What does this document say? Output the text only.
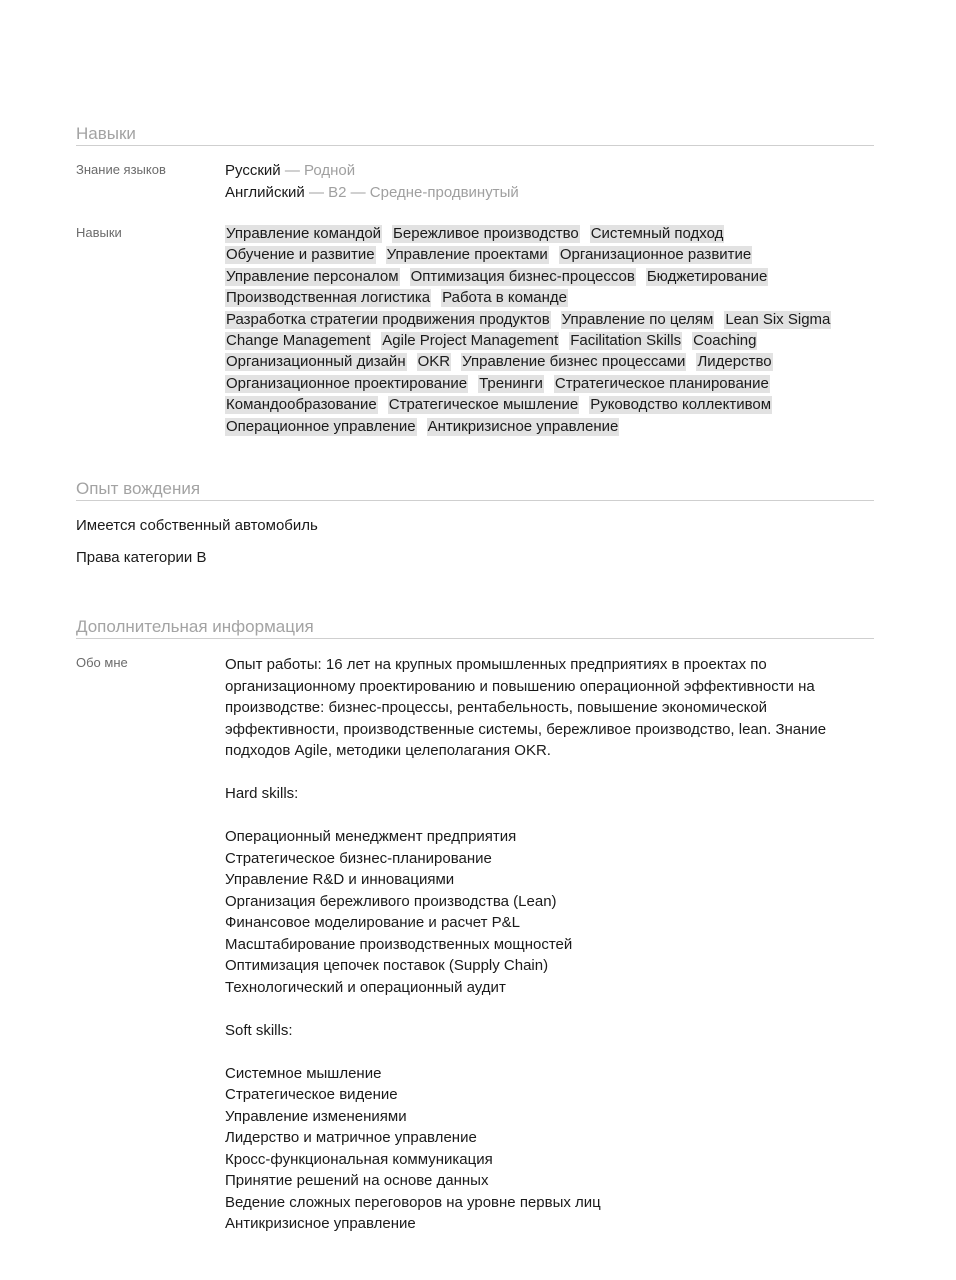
Навыки
Знание языков	Русский — Родной
Английский — B2 — Средне-продвинутый
Навыки	Управление командой Бережливое производство Системный подход
Обучение и развитие Управление проектами Организационное развитие
Управление персоналом Оптимизация бизнес-процессов Бюджетирование
Производственная логистика Работа в команде
Разработка стратегии продвижения продуктов Управление по целям Lean Six Sigma
Change Management Agile Project Management Facilitation Skills Coaching
Организационный дизайн OKR Управление бизнес процессами Лидерство
Организационное проектирование Тренинги Стратегическое планирование
Командообразование Стратегическое мышление Руководство коллективом
Операционное управление Антикризисное управление
Опыт вождения
Имеется собственный автомобиль
Права категории B
Дополнительная информация
Обо мне	Опыт работы: 16 лет на крупных промышленных предприятиях в проектах по организационному проектированию и повышению операционной эффективности на производстве: бизнес-процессы, рентабельность, повышение экономической эффективности, производственные системы, бережливое производство, lean. Знание подходов Agile, методики целеполагания OKR.

Hard skills:

Операционный менеджмент предприятия
Стратегическое бизнес-планирование
Управление R&D и инновациями
Организация бережливого производства (Lean)
Финансовое моделирование и расчет P&L
Масштабирование производственных мощностей
Оптимизация цепочек поставок (Supply Chain)
Технологический и операционный аудит

Soft skills:

Системное мышление
Стратегическое видение
Управление изменениями
Лидерство и матричное управление
Кросс-функциональная коммуникация
Принятие решений на основе данных
Ведение сложных переговоров на уровне первых лиц
Антикризисное управление
